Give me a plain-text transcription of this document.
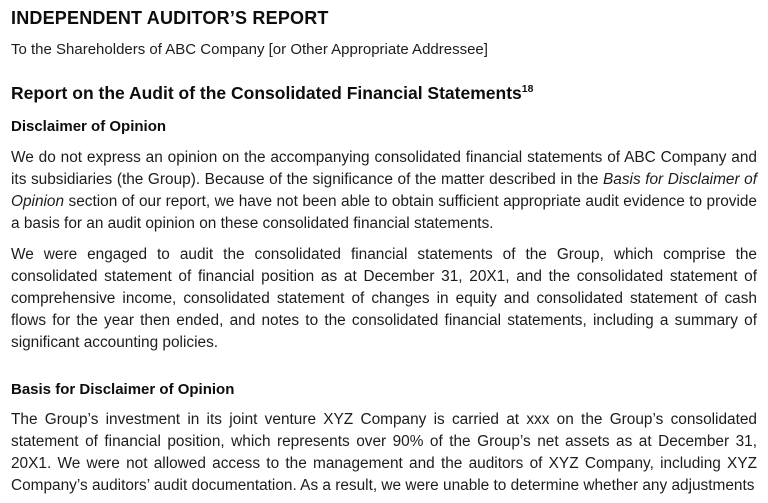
INDEPENDENT AUDITOR’S REPORT

To the Shareholders of ABC Company [or Other Appropriate Addressee]

Report on the Audit of the Consolidated Financial Statements$^{18}$
Disclaimer of Opinion

We do not express an opinion on the accompanying consolidated financial statements of ABC Company and its subsidiaries (the Group). Because of the significance of the matter described in the Basis for Disclaimer of Opinion section of our report, we have not been able to obtain sufficient appropriate audit evidence to provide a basis for an audit opinion on these consolidated financial statements.

We were engaged to audit the consolidated financial statements of the Group, which comprise the consolidated statement of financial position as at December 31, 20X1, and the consolidated statement of comprehensive income, consolidated statement of changes in equity and consolidated statement of cash flows for the year then ended, and notes to the consolidated financial statements, including a summary of significant accounting policies.

Basis for Disclaimer of Opinion

The Group’s investment in its joint venture XYZ Company is carried at xxx on the Group’s consolidated statement of financial position, which represents over 90% of the Group’s net assets as at December 31, 20X1. We were not allowed access to the management and the auditors of XYZ Company, including XYZ Company’s auditors’ audit documentation. As a result, we were unable to determine whether any adjustments
